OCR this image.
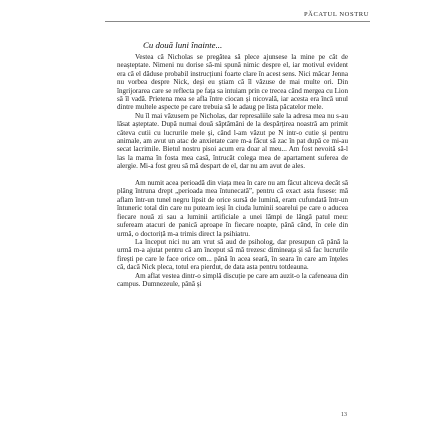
PĂCATUL NOSTRU
Cu două luni înainte...

Vestea că Nicholas se pregătea să plece ajunsese la mine pe cât de neașteptate. Nimeni nu dorise să-mi spună nimic despre el, iar motivul evident era că el dăduse probabil instrucțiuni foarte clare în acest sens. Nici măcar Jenna nu vorbea despre Nick, deși eu știam că îl văzuse de mai multe ori. Din îngrijorarea care se reflecta pe fața sa intuiam prin ce trecea când mergea cu Lion să îl vadă. Prietena mea se afla între ciocan și nicovală, iar acesta era încă unul dintre multele aspecte pe care trebuia să le adaug pe lista păcatelor mele.

Nu îl mai văzusem pe Nicholas, dar represaliile sale la adresa mea nu s-au lăsat așteptate. După numai două săptămâni de la despărțirea noastră am primit câteva cutii cu lucrurile mele și, când l-am văzut pe N intr-o cutie și pentru animale, am avut un atac de anxietate care m-a făcut să zac în pat după ce mi-au secat lacrimile. Bietul nostru pisoi acum era doar al meu... Am fost nevoită să-l las la mama în fosta mea casă, întrucât colega mea de apartament suferea de alergie. Mi-a fost greu să mă despart de el, dar nu am avut de ales.

Am numit acea perioadă din viața mea în care nu am făcut altceva decât să plâng întruna drept „perioada mea întunecată”, pentru că exact asta fusese: mă aflam într-un tunel negru lipsit de orice sursă de lumină, eram cufundată într-un întuneric total din care nu puteam ieși în ciuda luminii soarelui pe care o aducea fiecare nouă zi sau a luminii artificiale a unei lămpi de lângă patul meu: sufeream atacuri de panică aproape în fiecare noapte, până când, în cele din urmă, o doctoriță m-a trimis direct la psihiatru.

La început nici nu am vrut să aud de psiholog, dar presupun că până la urmă m-a ajutat pentru că am început să mă trezesc dimineața și să fac lucrurile firești pe care le face orice om... până în acea seară, în seara în care am înțeles că, dacă Nick pleca, totul era pierdut, de data asta pentru totdeauna.

Am aflat vestea dintr-o simplă discuție pe care am auzit-o la cafeneaua din campus. Dumnezeule, până și

13
